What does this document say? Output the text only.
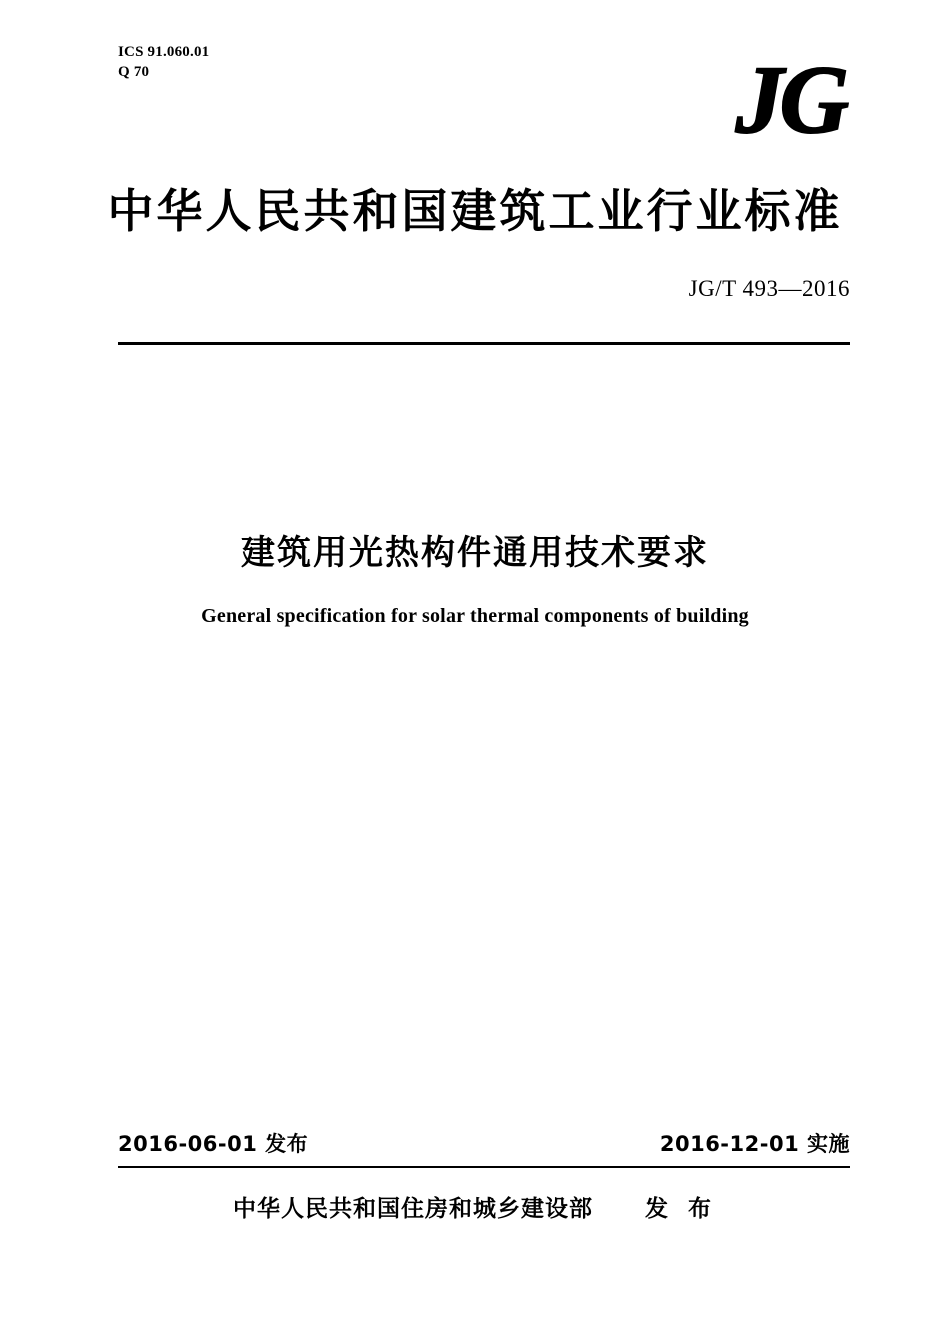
ICS 91.060.01
Q 70	JG
中华人民共和国建筑工业行业标准
JG/T 493—2016
建筑用光热构件通用技术要求
General specification for solar thermal components of building
2016-06-01 发布	2016-12-01 实施
中华人民共和国住房和城乡建设部 发 布
